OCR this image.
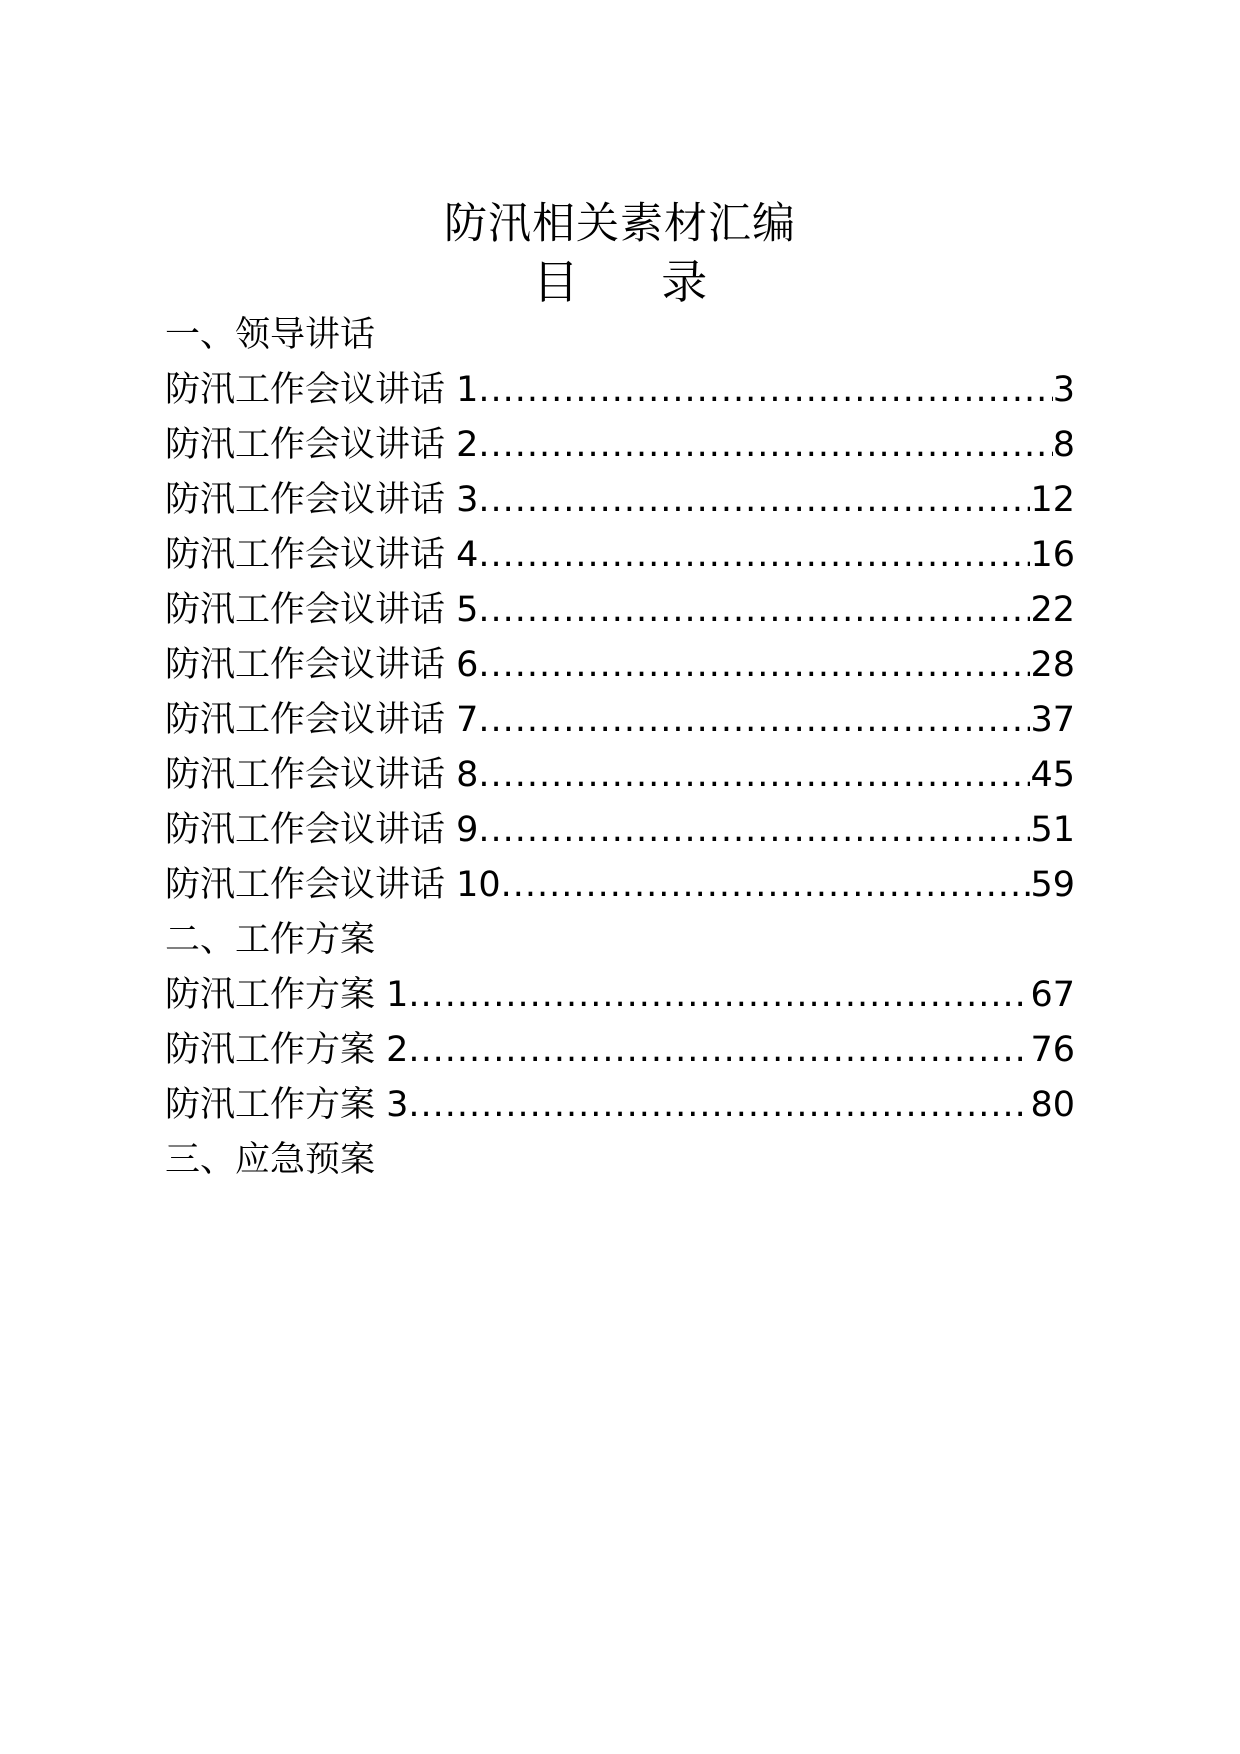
防汛相关素材汇编
目 录
一、领导讲话
防汛工作会议讲话 1 .....	3
防汛工作会议讲话 2 .....	8
防汛工作会议讲话 3 .....	12
防汛工作会议讲话 4 .....	16
防汛工作会议讲话 5 .....	22
防汛工作会议讲话 6 .....	28
防汛工作会议讲话 7 .....	37
防汛工作会议讲话 8 .....	45
防汛工作会议讲话 9 .....	51
防汛工作会议讲话 10 .....	59
二、工作方案
防汛工作方案 1 .....	67
防汛工作方案 2 .....	76
防汛工作方案 3 .....	80
三、应急预案
